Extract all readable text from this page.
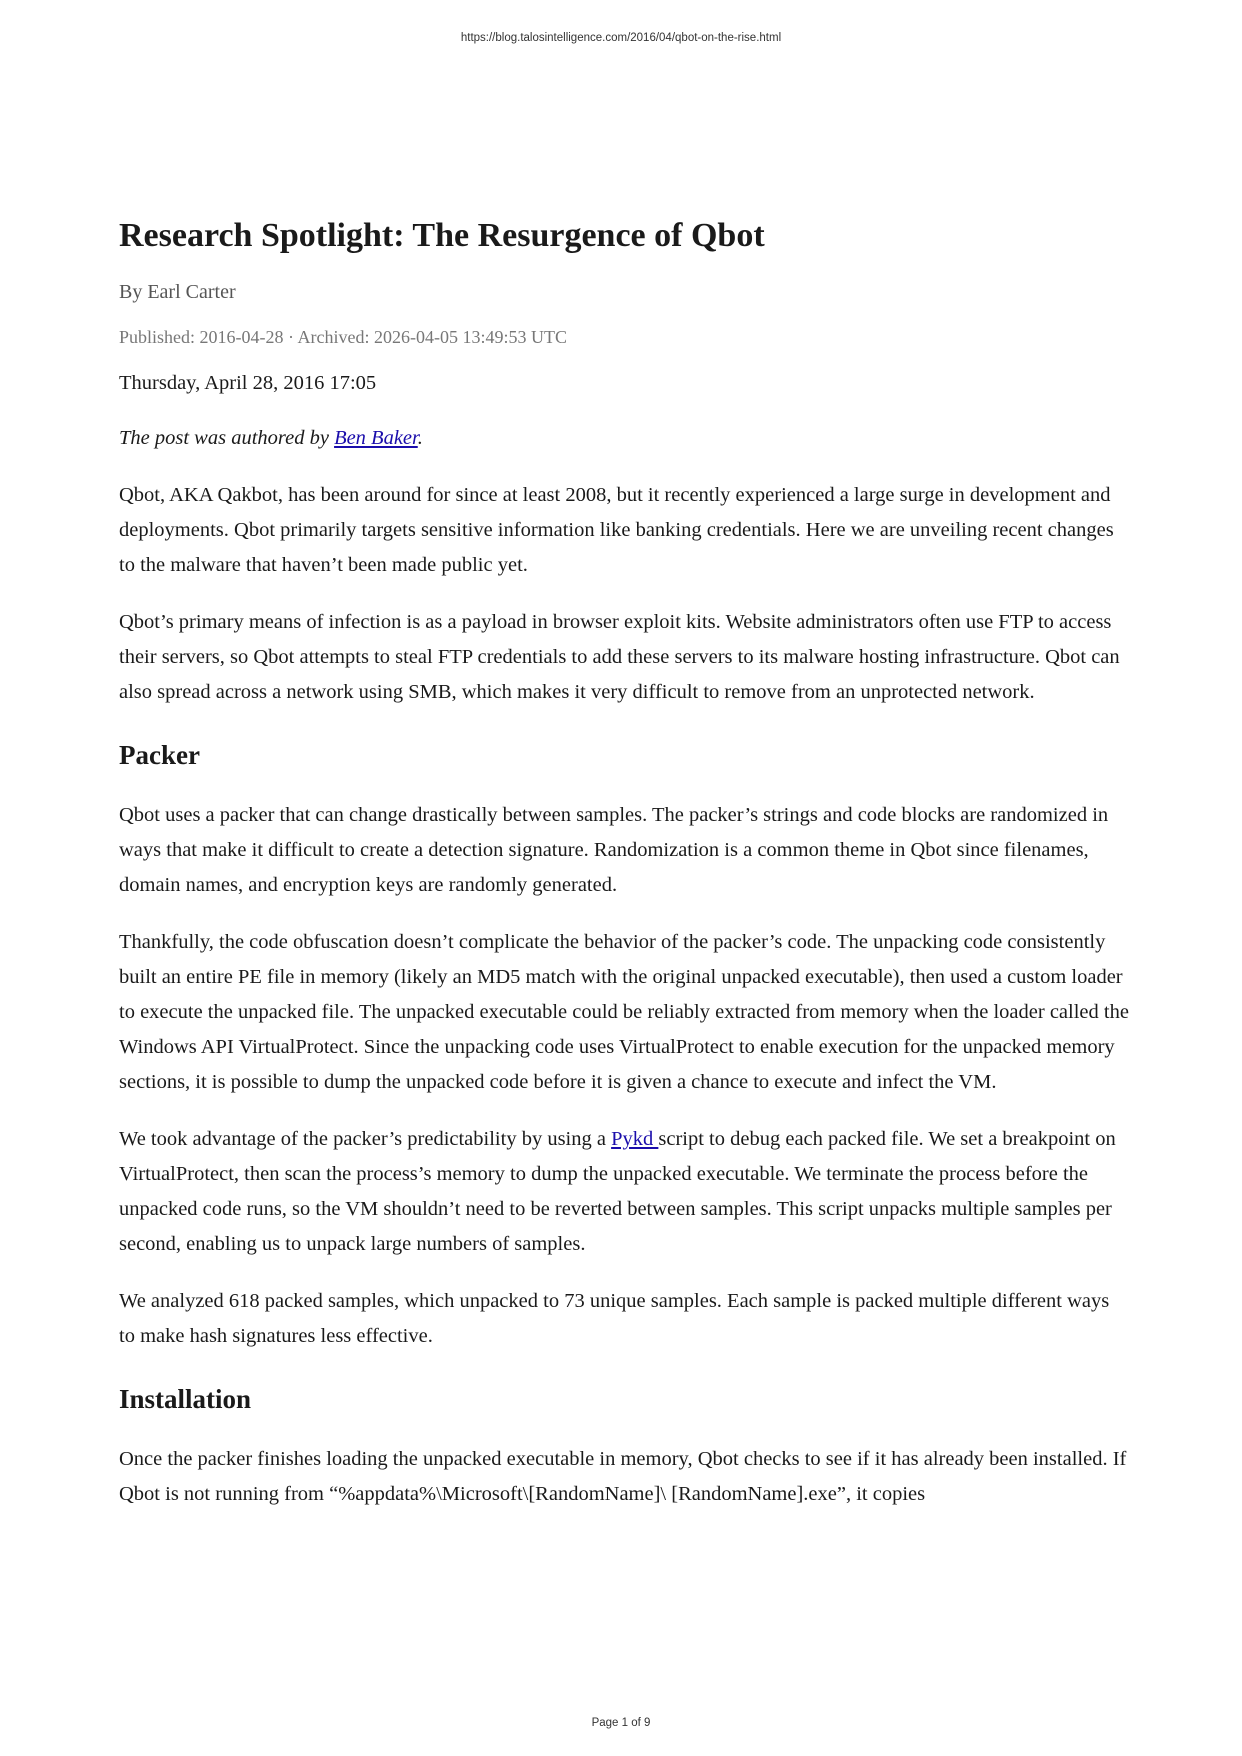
https://blog.talosintelligence.com/2016/04/qbot-on-the-rise.html
Research Spotlight: The Resurgence of Qbot
By Earl Carter
Published: 2016-04-28 · Archived: 2026-04-05 13:49:53 UTC

Thursday, April 28, 2016 17:05

The post was authored by Ben Baker.

Qbot, AKA Qakbot, has been around for since at least 2008, but it recently experienced a large surge in development and deployments. Qbot primarily targets sensitive information like banking credentials. Here we are unveiling recent changes to the malware that haven’t been made public yet.

Qbot’s primary means of infection is as a payload in browser exploit kits. Website administrators often use FTP to access their servers, so Qbot attempts to steal FTP credentials to add these servers to its malware hosting infrastructure. Qbot can also spread across a network using SMB, which makes it very difficult to remove from an unprotected network.

Packer

Qbot uses a packer that can change drastically between samples. The packer’s strings and code blocks are randomized in ways that make it difficult to create a detection signature. Randomization is a common theme in Qbot since filenames, domain names, and encryption keys are randomly generated.

Thankfully, the code obfuscation doesn’t complicate the behavior of the packer’s code. The unpacking code consistently built an entire PE file in memory (likely an MD5 match with the original unpacked executable), then used a custom loader to execute the unpacked file. The unpacked executable could be reliably extracted from memory when the loader called the Windows API VirtualProtect. Since the unpacking code uses VirtualProtect to enable execution for the unpacked memory sections, it is possible to dump the unpacked code before it is given a chance to execute and infect the VM.

We took advantage of the packer’s predictability by using a Pykd script to debug each packed file. We set a breakpoint on VirtualProtect, then scan the process’s memory to dump the unpacked executable. We terminate the process before the unpacked code runs, so the VM shouldn’t need to be reverted between samples. This script unpacks multiple samples per second, enabling us to unpack large numbers of samples.

We analyzed 618 packed samples, which unpacked to 73 unique samples. Each sample is packed multiple different ways to make hash signatures less effective.

Installation

Once the packer finishes loading the unpacked executable in memory, Qbot checks to see if it has already been installed. If Qbot is not running from “%appdata%\Microsoft\[RandomName]\ [RandomName].exe”, it copies

Page 1 of 9
